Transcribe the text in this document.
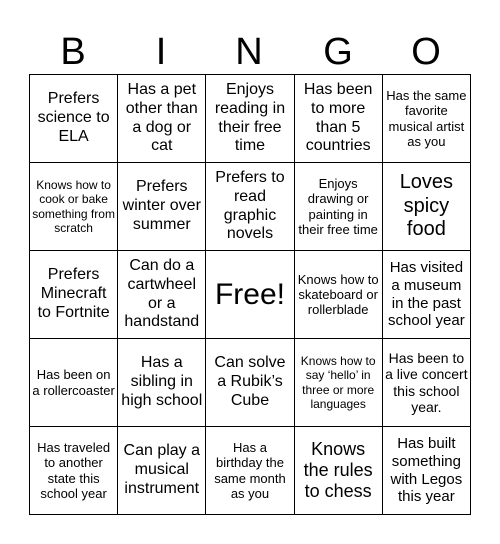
B	I	N	G	O
Prefers science to ELA	Has a pet other than a dog or cat	Enjoys reading in their free time	Has been to more than 5 countries	Has the same favorite musical artist as you
Knows how to cook or bake something from scratch	Prefers winter over summer	Prefers to read graphic novels	Enjoys drawing or painting in their free time	Loves spicy food
Prefers Minecraft to Fortnite	Can do a cartwheel or a handstand	Free!	Knows how to skateboard or rollerblade	Has visited a museum in the past school year
Has been on a rollercoaster	Has a sibling in high school	Can solve a Rubik’s Cube	Knows how to say ‘hello’ in three or more languages	Has been to a live concert this school year.
Has traveled to another state this school year	Can play a musical instrument	Has a birthday the same month as you	Knows the rules to chess	Has built something with Legos this year
